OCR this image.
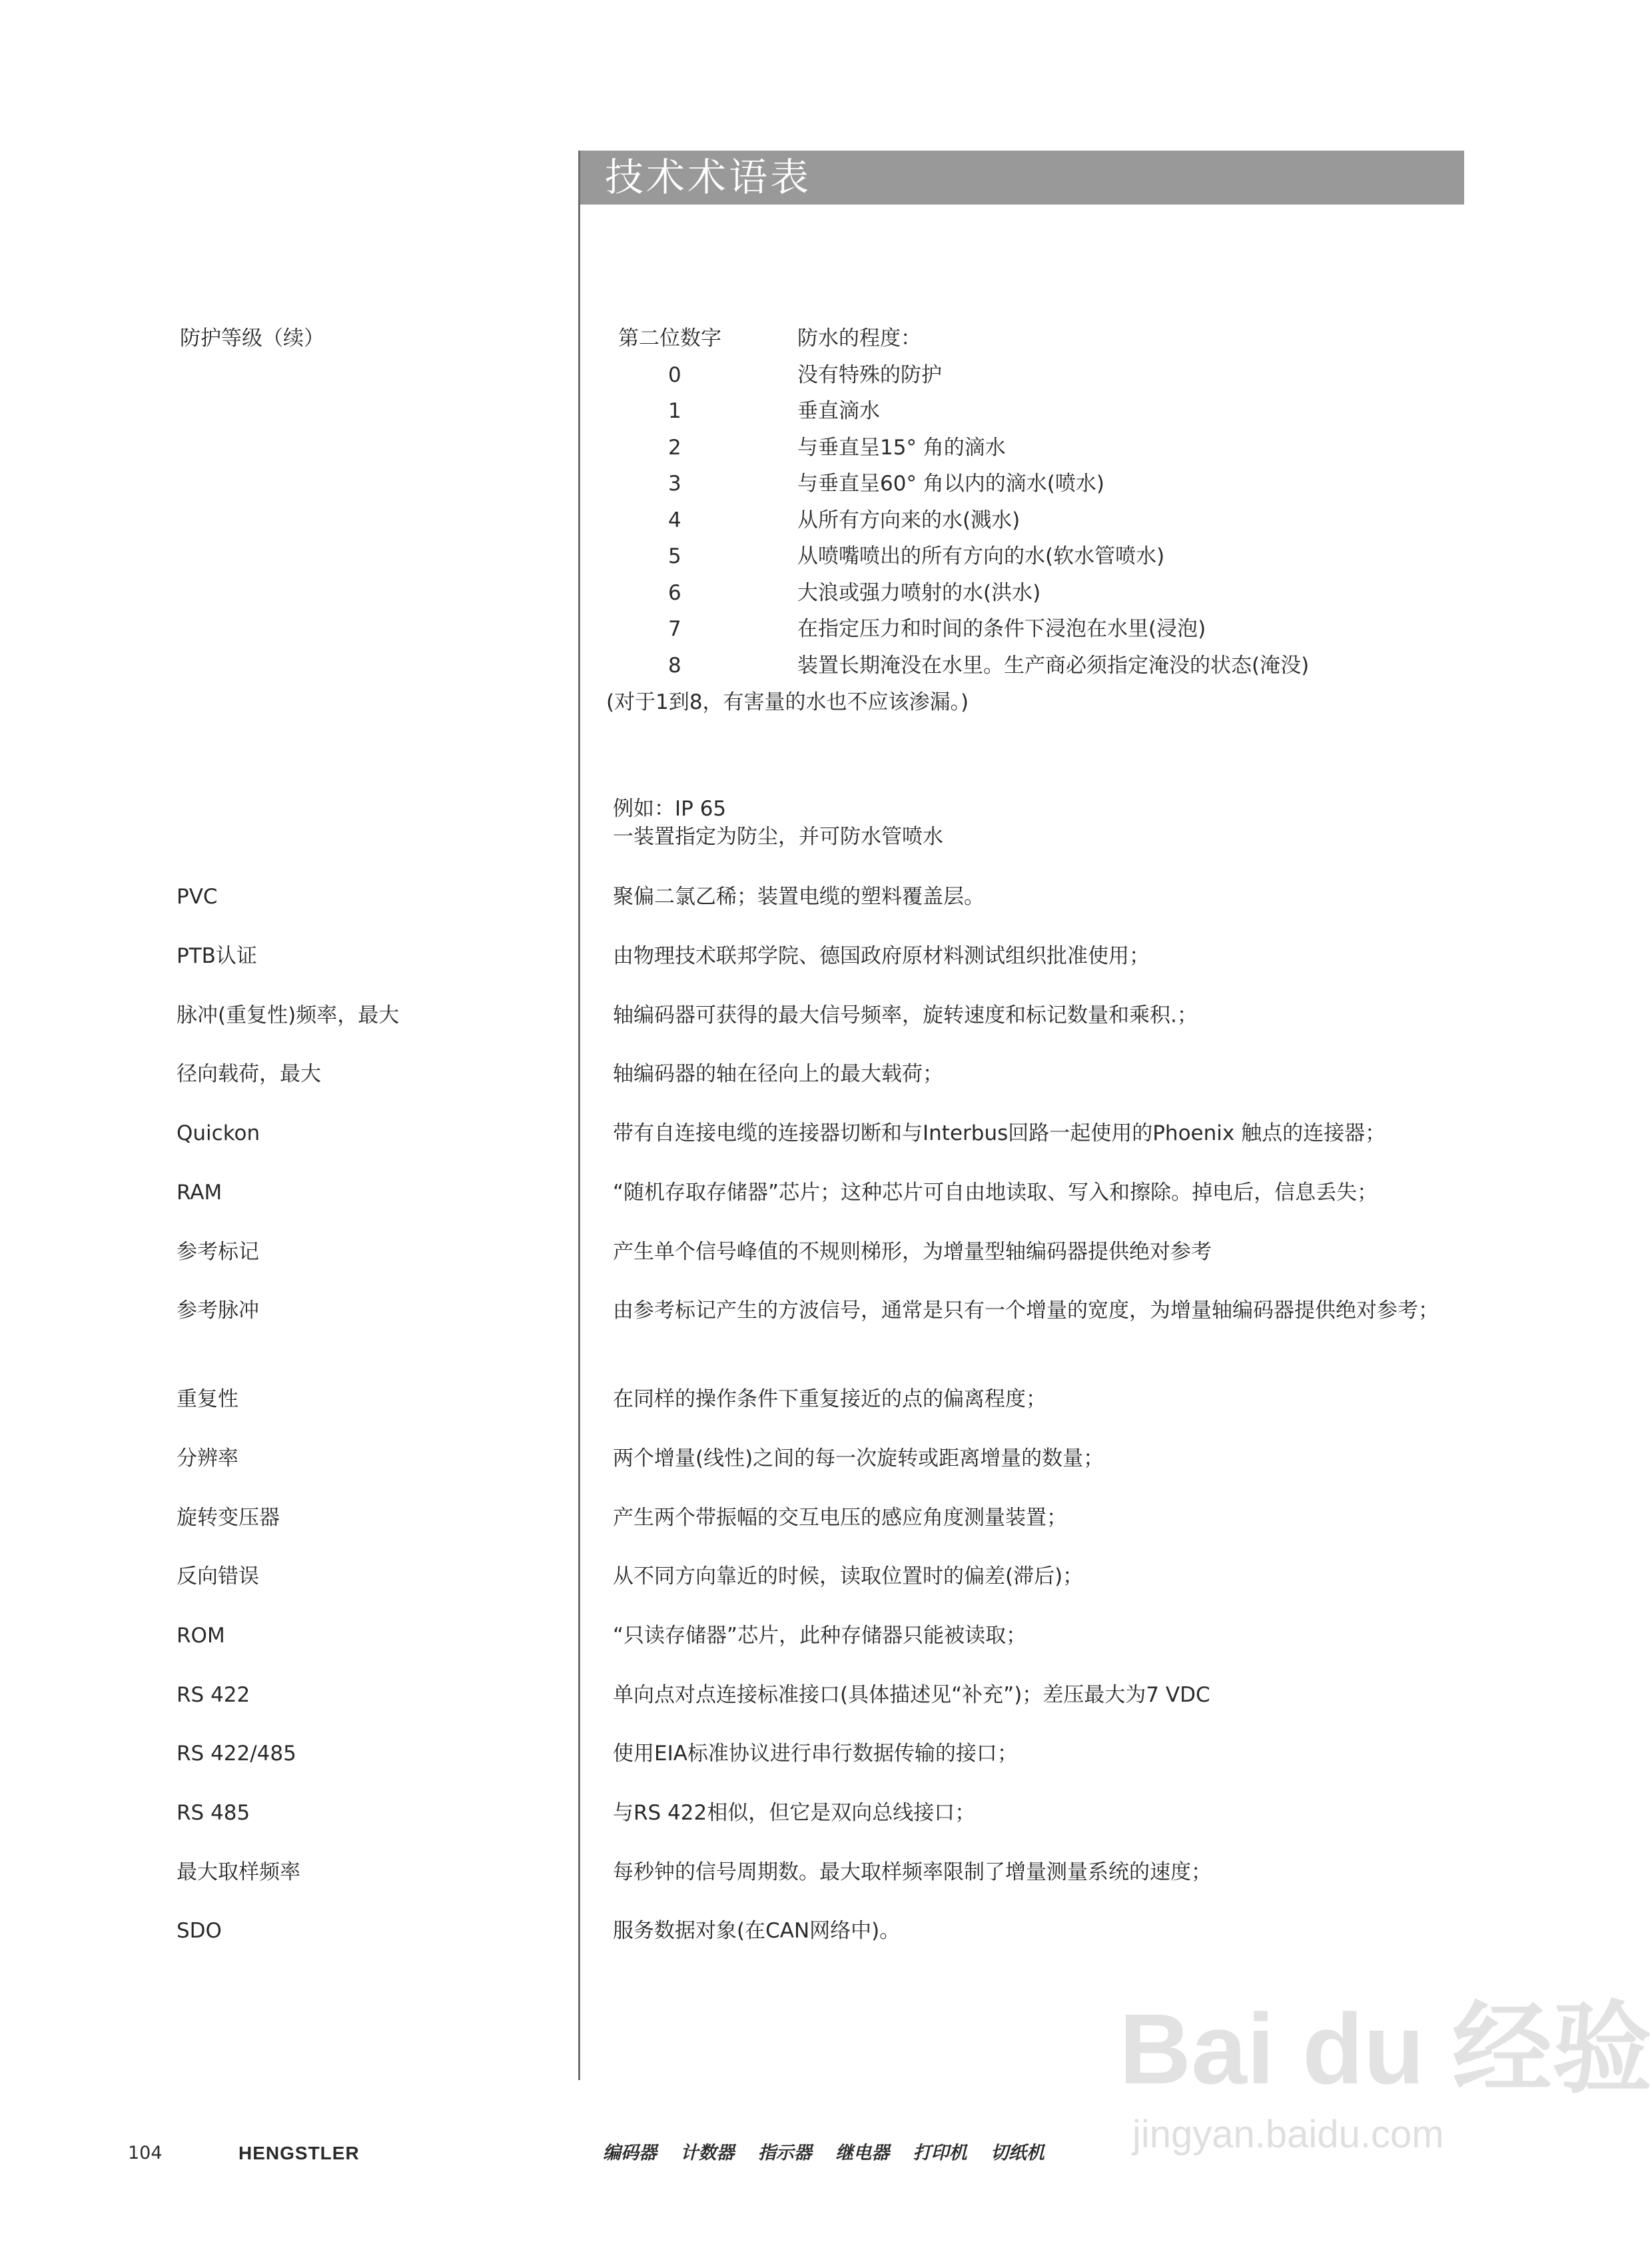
技术术语表
防护等级（续）	第二位数字	防水的程度：
0	没有特殊的防护
1	垂直滴水
2	与垂直呈15° 角的滴水
3	与垂直呈60° 角以内的滴水(喷水)
4	从所有方向来的水(溅水)
5	从喷嘴喷出的所有方向的水(软水管喷水)
6	大浪或强力喷射的水(洪水)
7	在指定压力和时间的条件下浸泡在水里(浸泡)
8	装置长期淹没在水里。生产商必须指定淹没的状态(淹没)
(对于1到8，有害量的水也不应该渗漏。)
例如：IP 65
一装置指定为防尘，并可防水管喷水
PVC	聚偏二氯乙稀；装置电缆的塑料覆盖层。
PTB认证	由物理技术联邦学院、德国政府原材料测试组织批准使用；
脉冲(重复性)频率，最大	轴编码器可获得的最大信号频率，旋转速度和标记数量和乘积.；
径向载荷，最大	轴编码器的轴在径向上的最大载荷；
Quickon	带有自连接电缆的连接器切断和与Interbus回路一起使用的Phoenix 触点的连接器；
RAM	“随机存取存储器”芯片；这种芯片可自由地读取、写入和擦除。掉电后，信息丢失；
参考标记	产生单个信号峰值的不规则梯形，为增量型轴编码器提供绝对参考
参考脉冲	由参考标记产生的方波信号，通常是只有一个增量的宽度，为增量轴编码器提供绝对参考；
重复性	在同样的操作条件下重复接近的点的偏离程度；
分辨率	两个增量(线性)之间的每一次旋转或距离增量的数量；
旋转变压器	产生两个带振幅的交互电压的感应角度测量装置；
反向错误	从不同方向靠近的时候，读取位置时的偏差(滞后)；
ROM	“只读存储器”芯片，此种存储器只能被读取；
RS 422	单向点对点连接标准接口(具体描述见“补充”)；差压最大为7 VDC
RS 422/485	使用EIA标准协议进行串行数据传输的接口；
RS 485	与RS 422相似，但它是双向总线接口；
最大取样频率	每秒钟的信号周期数。最大取样频率限制了增量测量系统的速度；
SDO	服务数据对象(在CAN网络中)。
Bai du 经验
jingyan.baidu.com
104	HENGSTLER	编码器 计数器 指示器 继电器 打印机 切纸机
